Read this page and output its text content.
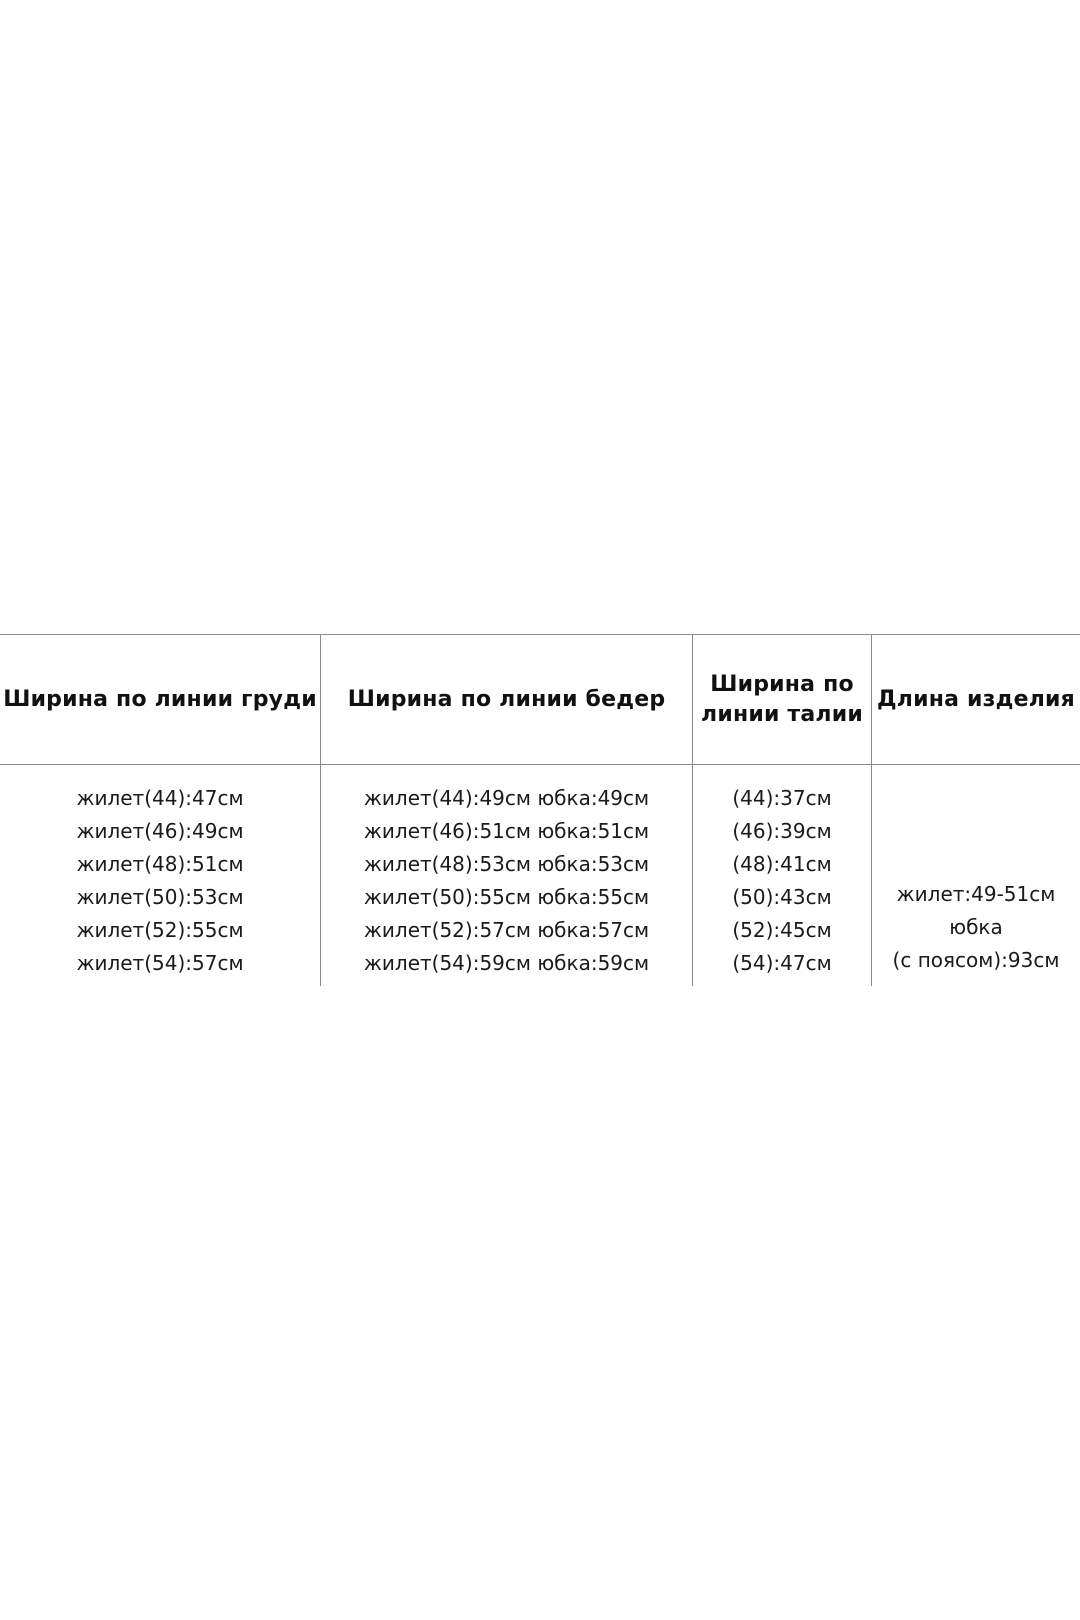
Ширина по линии груди	Ширина по линии бедер
Ширина по
линии талии
Длина изделия
жилет(44):47см
жилет(46):49см
жилет(48):51см
жилет(50):53см
жилет(52):55см
жилет(54):57см
жилет(44):49см юбка:49см
жилет(46):51см юбка:51см
жилет(48):53см юбка:53см
жилет(50):55см юбка:55см
жилет(52):57см юбка:57см
жилет(54):59см юбка:59см
(44):37см
(46):39см
(48):41см
(50):43см
(52):45см
(54):47см
жилет:49-51см
юбка
(с поясом):93см
